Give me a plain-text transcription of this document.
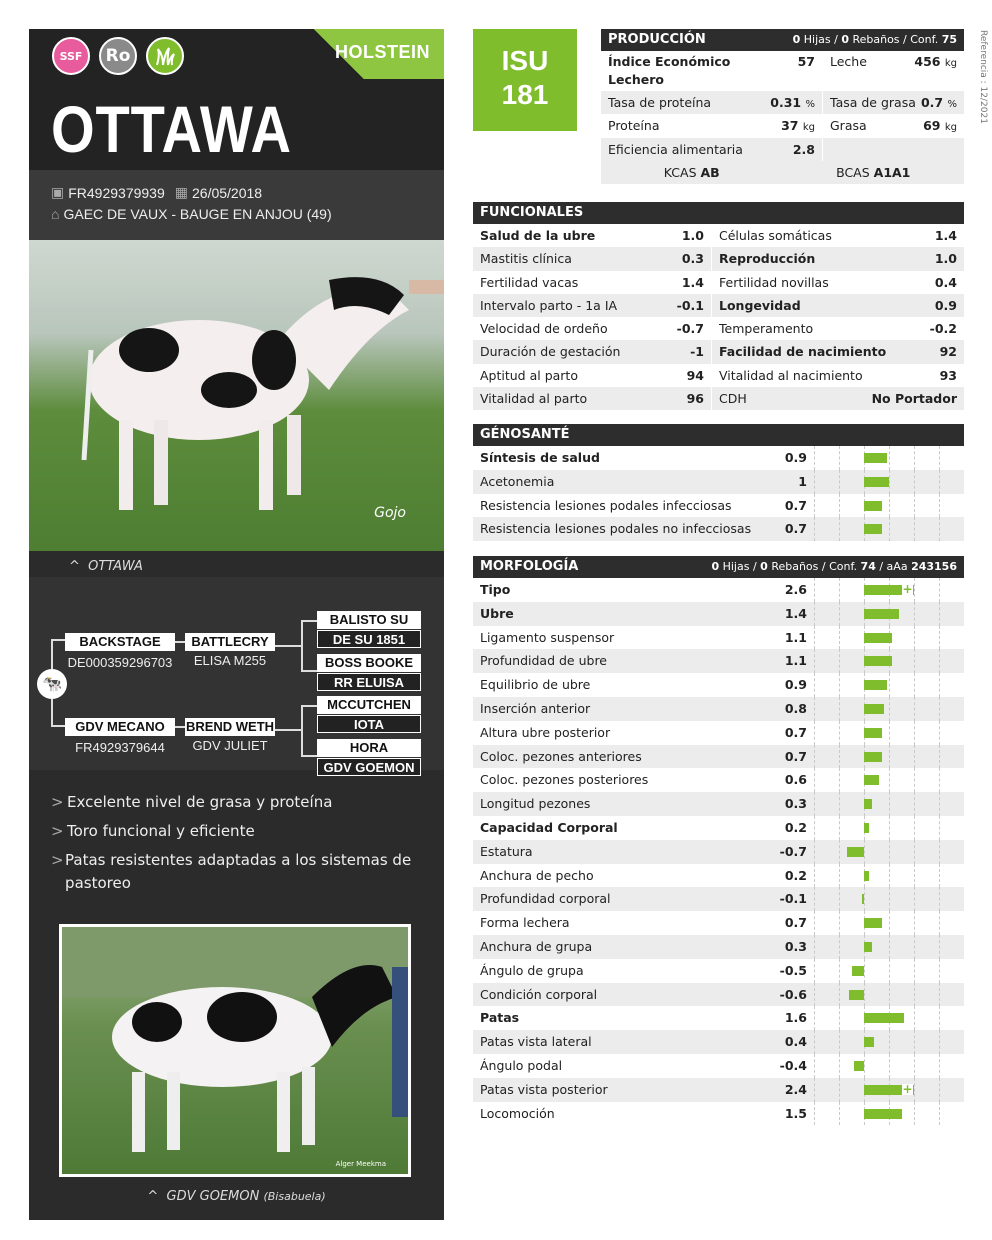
SSF Ro	HOLSTEIN
OTTAWA
▣ FR4929379939 ▦ 26/05/2018
⌂ GAEC DE VAUX - BAUGE EN ANJOU (49)
Gojo
^  OTTAWA
🐄
BACKSTAGE
DE000359296703
GDV MECANO
FR4929379644
BATTLECRY
ELISA M255
BREND WETH
GDV JULIET
BALISTO SU
DE SU 1851
BOSS BOOKE
RR ELUISA
MCCUTCHEN
IOTA
HORA
GDV GOEMON
> Excelente nivel de grasa y proteína
> Toro funcional y eficiente
> Patas resistentes adaptadas a los sistemas de pastoreo
Alger Meekma
^  GDV GOEMON (Bisabuela)
ISU
181	Referencia : 12/2021
PRODUCCIÓN	0 Hijas / 0 Rebaños / Conf. 75
Índice Económico Lechero
57 Leche	456 kg
Tasa de proteína	0.31 % Tasa de grasa 0.7 %
Proteína	37 kg Grasa	69 kg
Eficiencia alimentaria	2.8
KCAS AB	BCAS A1A1
FUNCIONALES
Salud de la ubre	1.0 Células somáticas	1.4
Mastitis clínica	0.3 Reproducción	1.0
Fertilidad vacas	1.4 Fertilidad novillas	0.4
Intervalo parto - 1a IA	-0.1 Longevidad	0.9
Velocidad de ordeño	-0.7 Temperamento	-0.2
Duración de gestación	-1 Facilidad de nacimiento	92
Aptitud al parto	94 Vitalidad al nacimiento	93
Vitalidad al parto	96 CDH	No Portador
GÉNOSANTÉ
Síntesis de salud	0.9
Acetonemia	1
Resistencia lesiones podales infecciosas	0.7
Resistencia lesiones podales no infecciosas	0.7
MORFOLOGÍA	0 Hijas / 0 Rebaños / Conf. 74 / aAa 243156
Tipo	2.6	+
Ubre	1.4
Ligamento suspensor	1.1
Profundidad de ubre	1.1
Equilibrio de ubre	0.9
Inserción anterior	0.8
Altura ubre posterior	0.7
Coloc. pezones anteriores	0.7
Coloc. pezones posteriores	0.6
Longitud pezones	0.3
Capacidad Corporal	0.2
Estatura	-0.7
Anchura de pecho	0.2
Profundidad corporal	-0.1
Forma lechera	0.7
Anchura de grupa	0.3
Ángulo de grupa	-0.5
Condición corporal	-0.6
Patas	1.6
Patas vista lateral	0.4
Ángulo podal	-0.4
Patas vista posterior	2.4	+
Locomoción	1.5
